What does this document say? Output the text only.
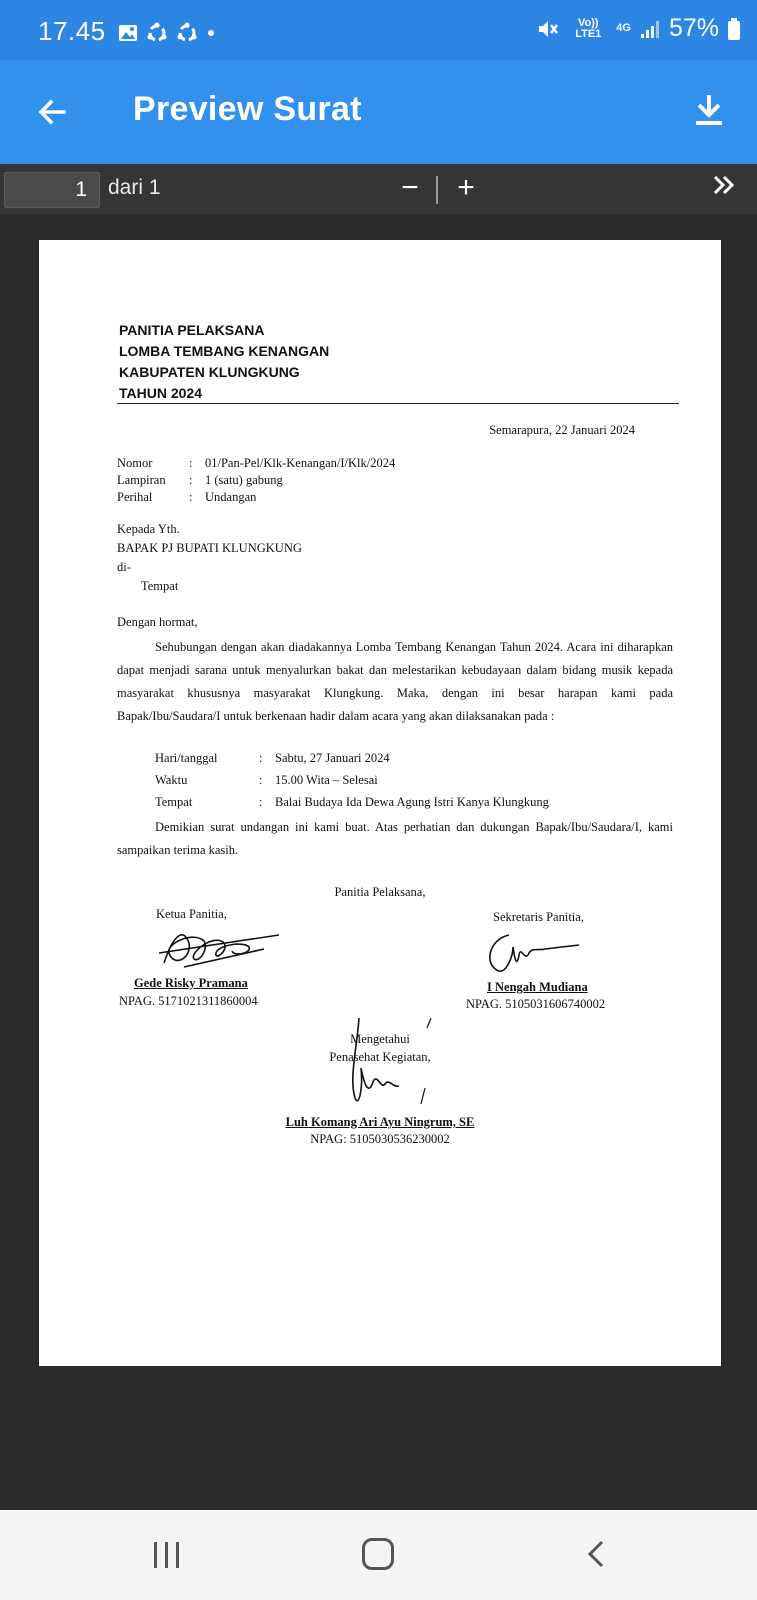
17.45	Vo)) LTE1	4G 57%
Preview Surat
1
dari 1	− +
PANITIA PELAKSANA
LOMBA TEMBANG KENANGAN
KABUPATEN KLUNGKUNG
TAHUN 2024
Semarapura, 22 Januari 2024
Nomor	:	01/Pan-Pel/Klk-Kenangan/I/Klk/2024
Lampiran	:	1 (satu) gabung
Perihal	:	Undangan
Kepada Yth.
BAPAK PJ BUPATI KLUNGKUNG
di-
Tempat
Dengan hormat,
Sehubungan dengan akan diadakannya Lomba Tembang Kenangan Tahun 2024. Acara ini diharapkan dapat menjadi sarana untuk menyalurkan bakat dan melestarikan kebudayaan dalam bidang musik kepada masyarakat khususnya masyarakat Klungkung. Maka, dengan ini besar harapan kami pada Bapak/Ibu/Saudara/I untuk berkenaan hadir dalam acara yang akan dilaksanakan pada :
Hari/tanggal	:	Sabtu, 27 Januari 2024
Waktu	:	15.00 Wita – Selesai
Tempat	:	Balai Budaya Ida Dewa Agung Istri Kanya Klungkung
Demikian surat undangan ini kami buat. Atas perhatian dan dukungan Bapak/Ibu/Saudara/I, kami sampaikan terima kasih.
Panitia Pelaksana,
Ketua Panitia,
Gede Risky Pramana
NPAG. 5171021311860004
Sekretaris Panitia,
I Nengah Mudiana
NPAG. 5105031606740002
Mengetahui
Penasehat Kegiatan,
Luh Komang Ari Ayu Ningrum, SE
NPAG: 5105030536230002
